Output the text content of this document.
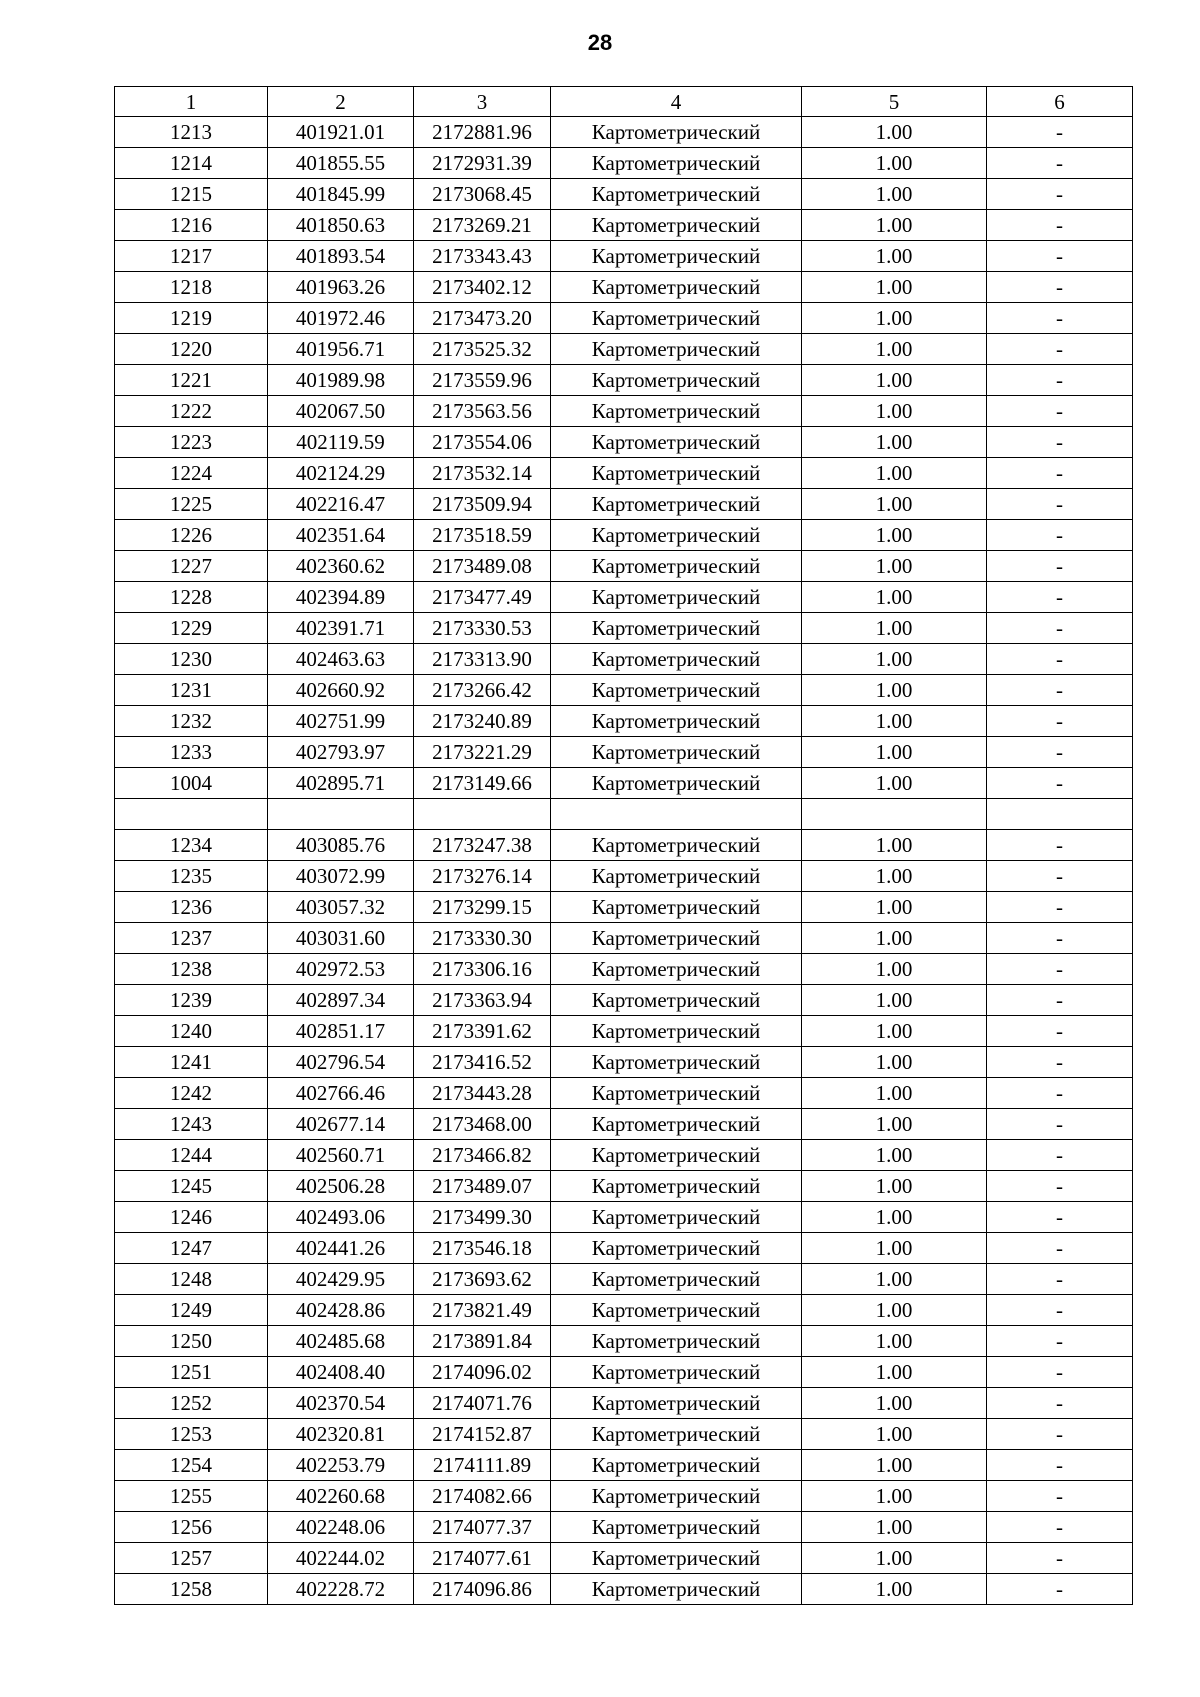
28
1	2	3	4	5	6
1213	401921.01	2172881.96	Картометрический	1.00	-
1214	401855.55	2172931.39	Картометрический	1.00	-
1215	401845.99	2173068.45	Картометрический	1.00	-
1216	401850.63	2173269.21	Картометрический	1.00	-
1217	401893.54	2173343.43	Картометрический	1.00	-
1218	401963.26	2173402.12	Картометрический	1.00	-
1219	401972.46	2173473.20	Картометрический	1.00	-
1220	401956.71	2173525.32	Картометрический	1.00	-
1221	401989.98	2173559.96	Картометрический	1.00	-
1222	402067.50	2173563.56	Картометрический	1.00	-
1223	402119.59	2173554.06	Картометрический	1.00	-
1224	402124.29	2173532.14	Картометрический	1.00	-
1225	402216.47	2173509.94	Картометрический	1.00	-
1226	402351.64	2173518.59	Картометрический	1.00	-
1227	402360.62	2173489.08	Картометрический	1.00	-
1228	402394.89	2173477.49	Картометрический	1.00	-
1229	402391.71	2173330.53	Картометрический	1.00	-
1230	402463.63	2173313.90	Картометрический	1.00	-
1231	402660.92	2173266.42	Картометрический	1.00	-
1232	402751.99	2173240.89	Картометрический	1.00	-
1233	402793.97	2173221.29	Картометрический	1.00	-
1004	402895.71	2173149.66	Картометрический	1.00	-

1234	403085.76	2173247.38	Картометрический	1.00	-
1235	403072.99	2173276.14	Картометрический	1.00	-
1236	403057.32	2173299.15	Картометрический	1.00	-
1237	403031.60	2173330.30	Картометрический	1.00	-
1238	402972.53	2173306.16	Картометрический	1.00	-
1239	402897.34	2173363.94	Картометрический	1.00	-
1240	402851.17	2173391.62	Картометрический	1.00	-
1241	402796.54	2173416.52	Картометрический	1.00	-
1242	402766.46	2173443.28	Картометрический	1.00	-
1243	402677.14	2173468.00	Картометрический	1.00	-
1244	402560.71	2173466.82	Картометрический	1.00	-
1245	402506.28	2173489.07	Картометрический	1.00	-
1246	402493.06	2173499.30	Картометрический	1.00	-
1247	402441.26	2173546.18	Картометрический	1.00	-
1248	402429.95	2173693.62	Картометрический	1.00	-
1249	402428.86	2173821.49	Картометрический	1.00	-
1250	402485.68	2173891.84	Картометрический	1.00	-
1251	402408.40	2174096.02	Картометрический	1.00	-
1252	402370.54	2174071.76	Картометрический	1.00	-
1253	402320.81	2174152.87	Картометрический	1.00	-
1254	402253.79	2174111.89	Картометрический	1.00	-
1255	402260.68	2174082.66	Картометрический	1.00	-
1256	402248.06	2174077.37	Картометрический	1.00	-
1257	402244.02	2174077.61	Картометрический	1.00	-
1258	402228.72	2174096.86	Картометрический	1.00	-
